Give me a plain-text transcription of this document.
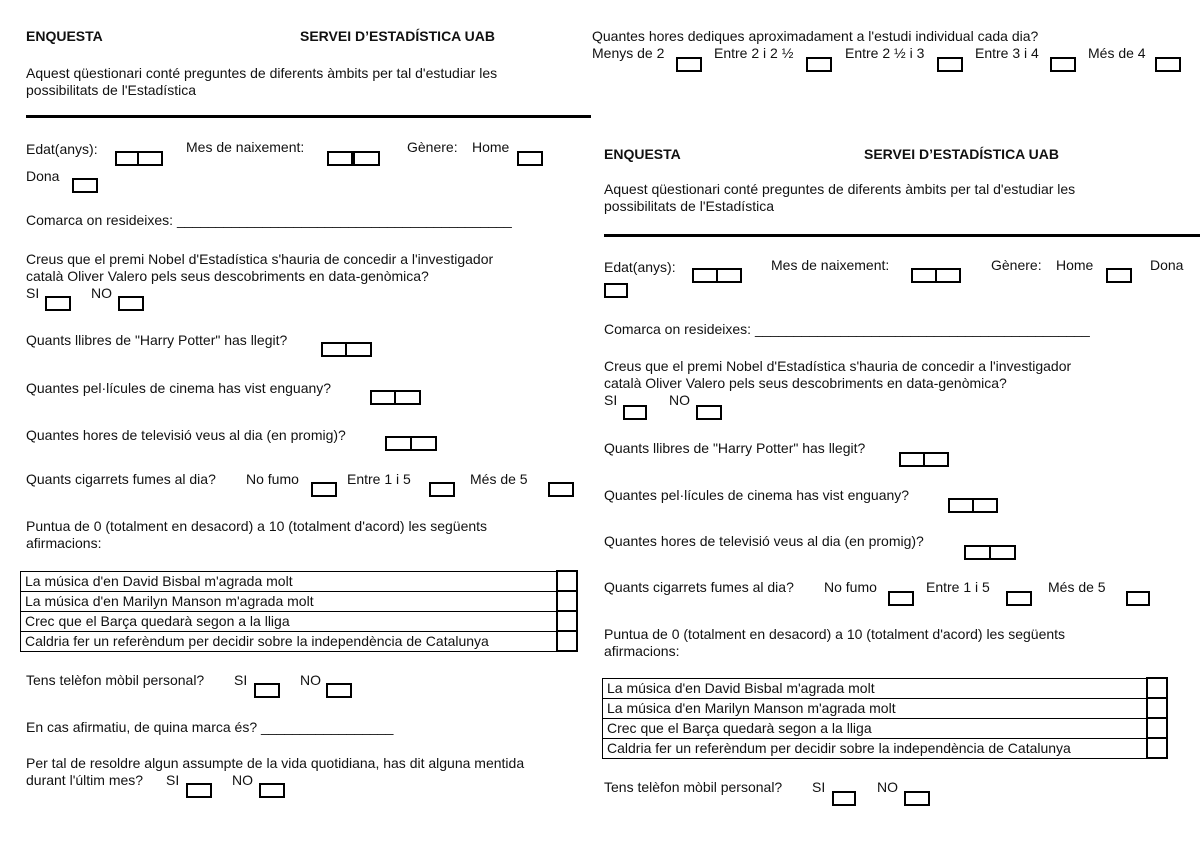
ENQUESTA	SERVEI D’ESTADÍSTICA UAB
Aquest qüestionari conté preguntes de diferents àmbits per tal d'estudiar les
possibilitats de l'Estadística
Edat(anys):	Mes de naixement:	Gènere: Home
Dona
Comarca on resideixes: ___________________________________________
Creus que el premi Nobel d'Estadística s'hauria de concedir a l'investigador
català Oliver Valero pels seus descobriments en data-genòmica?
SI	NO
Quants llibres de "Harry Potter" has llegit?
Quantes pel·lícules de cinema has vist enguany?
Quantes hores de televisió veus al dia (en promig)?
Quants cigarrets fumes al dia? No fumo	Entre 1 i 5	Més de 5
Puntua de 0 (totalment en desacord) a 10 (totalment d'acord) les següents
afirmacions:
La música d'en David Bisbal m'agrada molt	
La música d'en Marilyn Manson m'agrada molt	
Crec que el Barça quedarà segon a la lliga	
Caldria fer un referèndum per decidir sobre la independència de Catalunya	
Tens telèfon mòbil personal? SI	NO
En cas afirmatiu, de quina marca és? _________________
Per tal de resoldre algun assumpte de la vida quotidiana, has dit alguna mentida
durant l'últim mes? SI	NO
Quantes hores dediques aproximadament a l'estudi individual cada dia?
Menys de 2	Entre 2 i 2 ½	Entre 2 ½ i 3	Entre 3 i 4	Més de 4
ENQUESTA	SERVEI D’ESTADÍSTICA UAB
Aquest qüestionari conté preguntes de diferents àmbits per tal d'estudiar les
possibilitats de l'Estadística
Edat(anys):	Mes de naixement:	Gènere: Home	Dona
Comarca on resideixes: ___________________________________________
Creus que el premi Nobel d'Estadística s'hauria de concedir a l'investigador
català Oliver Valero pels seus descobriments en data-genòmica?
SI	NO
Quants llibres de "Harry Potter" has llegit?
Quantes pel·lícules de cinema has vist enguany?
Quantes hores de televisió veus al dia (en promig)?
Quants cigarrets fumes al dia? No fumo	Entre 1 i 5	Més de 5
Puntua de 0 (totalment en desacord) a 10 (totalment d'acord) les següents
afirmacions:
La música d'en David Bisbal m'agrada molt	
La música d'en Marilyn Manson m'agrada molt	
Crec que el Barça quedarà segon a la lliga	
Caldria fer un referèndum per decidir sobre la independència de Catalunya	
Tens telèfon mòbil personal? SI	NO
